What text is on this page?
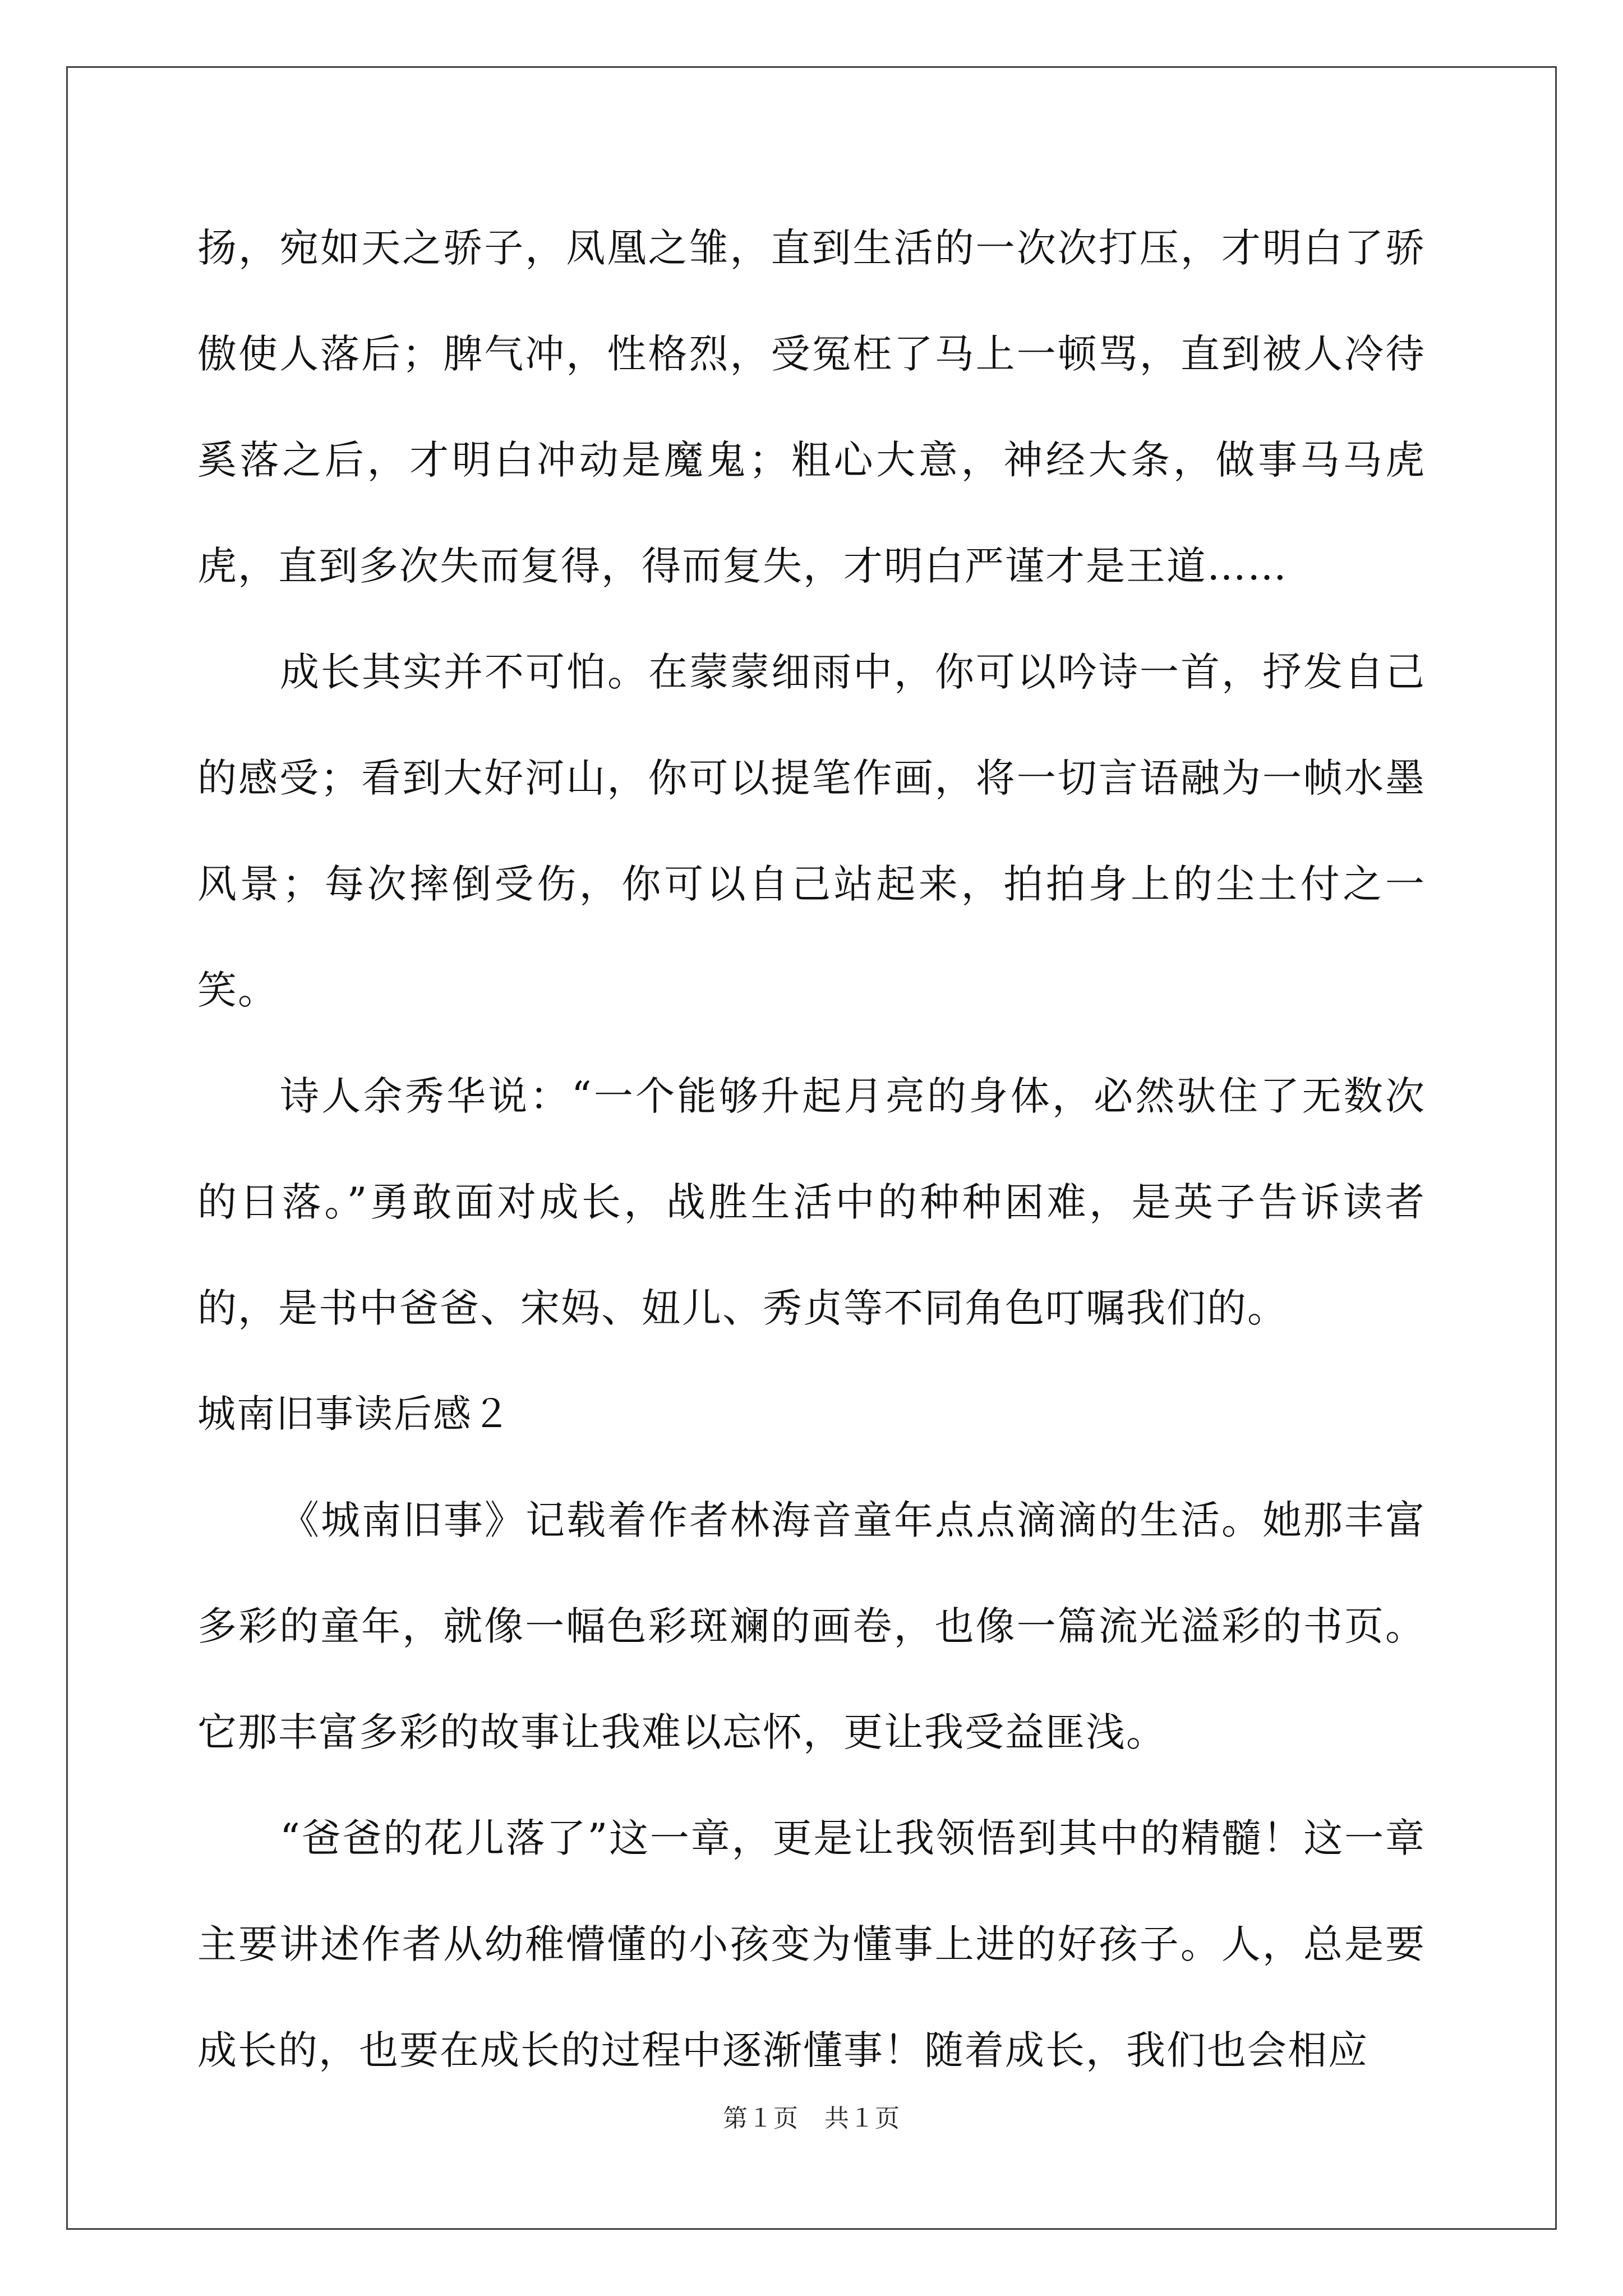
扬，宛如天之骄子，凤凰之雏，直到生活的一次次打压，才明白了骄傲使人落后；脾气冲，性格烈，受冤枉了马上一顿骂，直到被人冷待奚落之后，才明白冲动是魔鬼；粗心大意，神经大条，做事马马虎虎，直到多次失而复得，得而复失，才明白严谨才是王道……

成长其实并不可怕。在蒙蒙细雨中，你可以吟诗一首，抒发自己的感受；看到大好河山，你可以提笔作画，将一切言语融为一帧水墨风景；每次摔倒受伤，你可以自己站起来，拍拍身上的尘土付之一笑。

诗人余秀华说：“一个能够升起月亮的身体，必然驮住了无数次的日落。”勇敢面对成长，战胜生活中的种种困难，是英子告诉读者的，是书中爸爸、宋妈、妞儿、秀贞等不同角色叮嘱我们的。

城南旧事读后感２

《城南旧事》记载着作者林海音童年点点滴滴的生活。她那丰富多彩的童年，就像一幅色彩斑斓的画卷，也像一篇流光溢彩的书页。它那丰富多彩的故事让我难以忘怀，更让我受益匪浅。

“爸爸的花儿落了”这一章，更是让我领悟到其中的精髓！这一章主要讲述作者从幼稚懵懂的小孩变为懂事上进的好孩子。人，总是要成长的，也要在成长的过程中逐渐懂事！随着成长，我们也会相应

第１页 共１页
